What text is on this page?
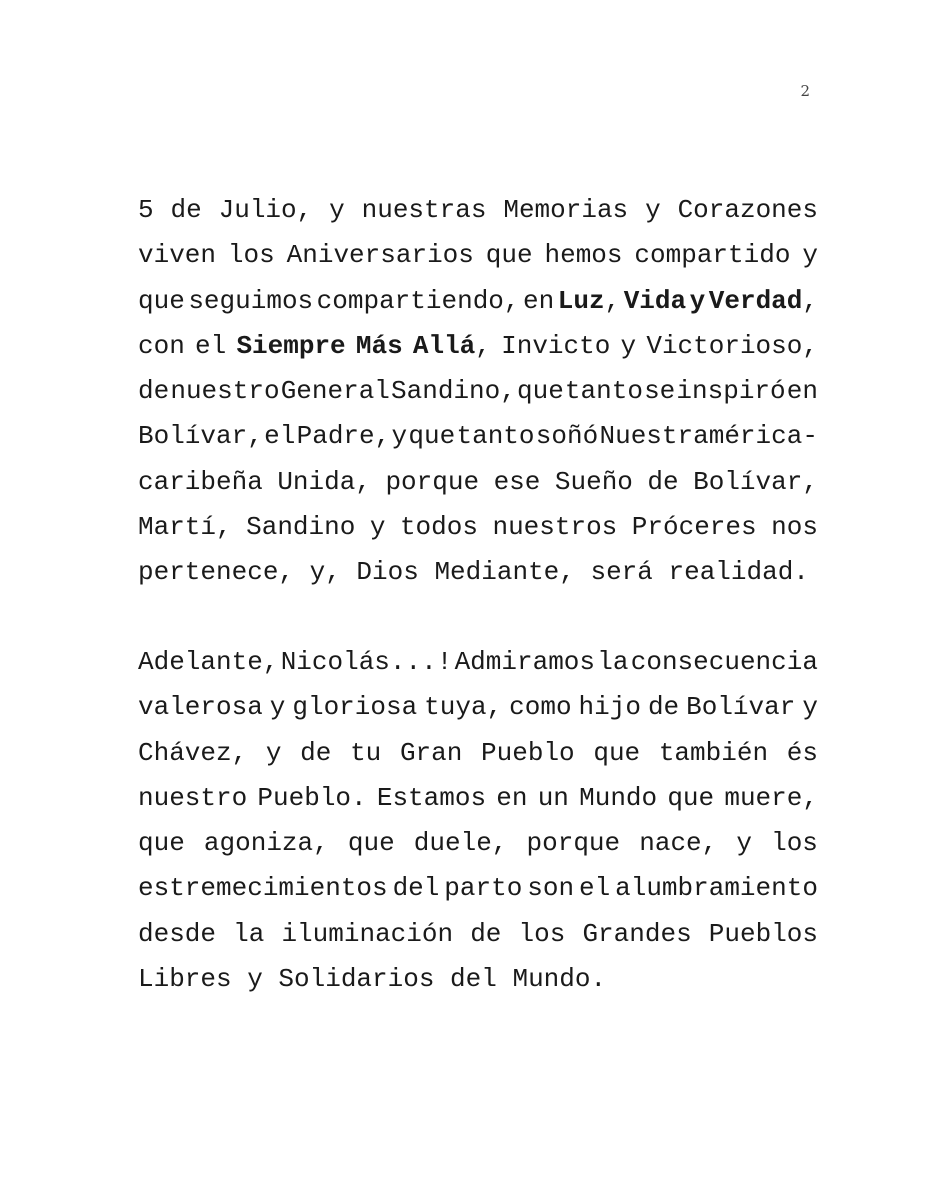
2
5 de Julio, y nuestras Memorias y Corazones
viven los Aniversarios que hemos compartido y
que seguimos compartiendo, en Luz, Vida y Verdad,
con el Siempre Más Allá, Invicto y Victorioso,
de nuestro General Sandino, que tanto se inspiró en
Bolívar, el Padre, y que tanto soñó Nuestramérica-
caribeña Unida, porque ese Sueño de Bolívar,
Martí, Sandino y todos nuestros Próceres nos
pertenece, y, Dios Mediante, será realidad.
Adelante, Nicolás...! Admiramos la consecuencia
valerosa y gloriosa tuya, como hijo de Bolívar y
Chávez, y de tu Gran Pueblo que también és
nuestro Pueblo. Estamos en un Mundo que muere,
que agoniza, que duele, porque nace, y los
estremecimientos del parto son el alumbramiento
desde la iluminación de los Grandes Pueblos
Libres y Solidarios del Mundo.
